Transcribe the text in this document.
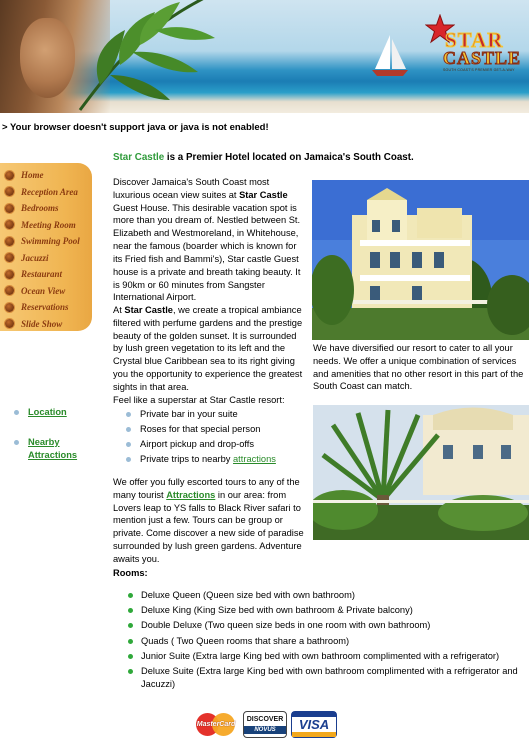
STAR
CASTLE
SOUTH COAST'S PREMIER GET-A-WAY
> Your browser doesn't support java or java is not enabled!
Home
Reception Area
Bedrooms
Meeting Room
Swimming Pool
Jacuzzi
Restaurant
Ocean View
Reservations
Slide Show
Location
Nearby
Attractions
Star Castle is a Premier Hotel located on Jamaica's South Coast.
Discover Jamaica's South Coast most luxurious ocean view suites at Star Castle Guest House. This desirable vacation spot is more than you dream of. Nestled between St. Elizabeth and Westmoreland, in Whitehouse, near the famous (boarder which is known for its Fried fish and Bammi's), Star castle Guest house is a private and breath taking beauty. It is 90km or 60 minutes from Sangster International Airport.
At Star Castle, we create a tropical ambiance filtered with perfume gardens and the prestige beauty of the golden sunset. It is surrounded by lush green vegetation to its left and the Crystal blue Caribbean sea to its right giving you the opportunity to experience the greatest sights in that area.
Feel like a superstar at Star Castle resort:
Private bar in your suite
Roses for that special person
Airport pickup and drop-offs
Private trips to nearby attractions
We offer you fully escorted tours to any of the many tourist Attractions in our area: from Lovers leap to YS falls to Black River safari to mention just a few. Tours can be group or private. Come discover a new side of paradise surrounded by lush green gardens. Adventure awaits you.
Rooms:
Deluxe Queen (Queen size bed with own bathroom)
Deluxe King (King Size bed with own bathroom & Private balcony)
Double Deluxe (Two queen size beds in one room with own bathroom)
Quads ( Two Queen rooms that share a bathroom)
Junior Suite (Extra large King bed with own bathroom complimented with a refrigerator)
Deluxe Suite (Extra large King bed with own bathroom complimented with a refrigerator and Jacuzzi)
We have diversified our resort to cater to all your needs. We offer a unique combination of services and amenities that no other resort in this part of the South Coast can match.
MasterCard
DISCOVER
NOVUS	VISA
